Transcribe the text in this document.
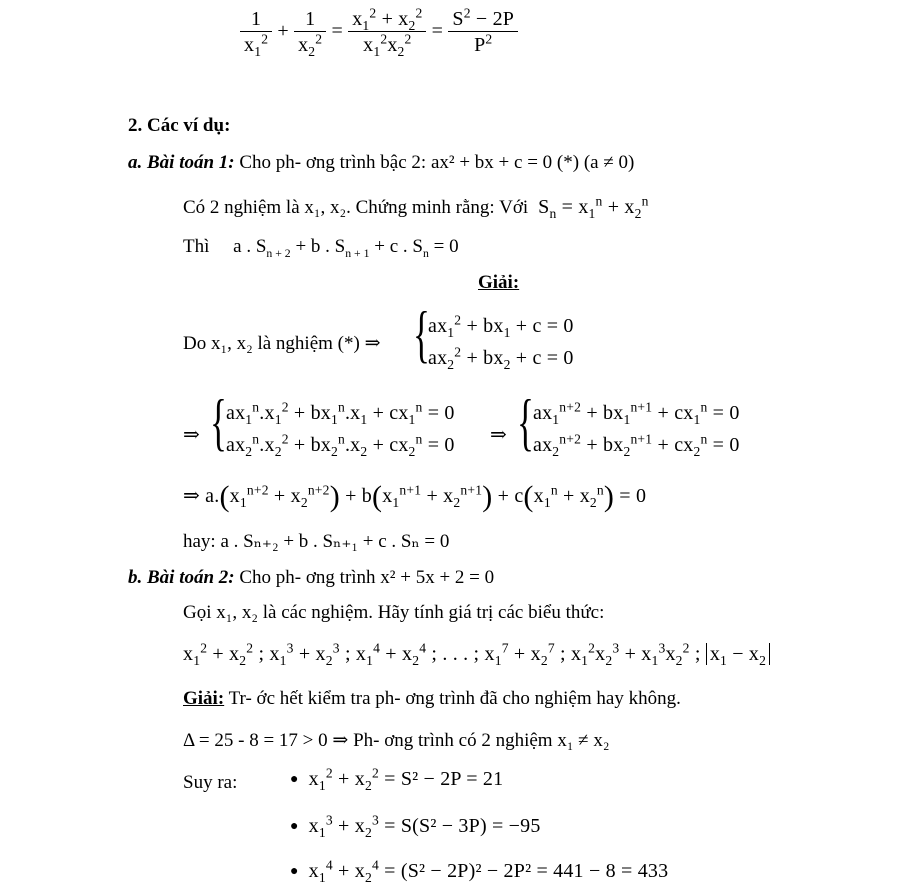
$\frac{1}{x_1^2} + \frac{1}{x_2^2} = \frac{x_1^2 + x_2^2}{x_1^2x_2^2} = \frac{S^2 - 2P}{P^2}$
2. Các ví dụ:
a. Bài toán 1: Cho ph- ơng trình bậc 2: ax² + bx + c = 0 (*) (a ≠ 0)
Có 2 nghiệm là x₁, x₂. Chứng minh rằng: Với  $S_n = x_1^n + x_2^n$
Thì     a . $S_{n + 2} + b$ . $S_{n + 1} + c$ . $S_n = 0$
Giải:
Do x₁, x₂ là nghiệm (*) ⇒ {
$ax_1^2 + bx_1 + c = 0$
$ax_2^2 + bx_2 + c = 0$
⇒ { $ax_1^n.x_1^2 + bx_1^n.x_1 + cx_1^n = 0$
$ax_2^n.x_2^2 + bx_2^n.x_2 + cx_2^n = 0$ ⇒ { $ax_1^{n+2} + bx_1^{n+1} + cx_1^n = 0$
$ax_2^{n+2} + bx_2^{n+1} + cx_2^n = 0$
⇒ $a.(x_1^{n+2} + x_2^{n+2}) + b(x_1^{n+1} + x_2^{n+1}) + c(x_1^n + x_2^n) = 0$
hay: a . Sₙ₊₂ + b . Sₙ₊₁ + c . Sₙ = 0
b. Bài toán 2: Cho ph- ơng trình x² + 5x + 2 = 0
Gọi x₁, x₂ là các nghiệm. Hãy tính giá trị các biểu thức:
$x_1^2 + x_2^2$ ; $x_1^3 + x_2^3$ ; $x_1^4 + x_2^4$ ; . . . ; $x_1^7 + x_2^7$ ; $x_1^2x_2^3 + x_1^3x_2^2$ ; $x_1 - x_2$
Giải: Tr- ớc hết kiểm tra ph- ơng trình đã cho nghiệm hay không.
Δ = 25 - 8 = 17 > 0 ⇒ Ph- ơng trình có 2 nghiệm x₁ ≠ x₂
Suy ra:	● $x_1^2 + x_2^2 = S^2 - 2P = 21$
● $x_1^3 + x_2^3 = S(S^2 - 3P) = -95$
● $x_1^4 + x_2^4 = (S^2 - 2P)^2 - 2P^2 = 441 - 8 = 433$
